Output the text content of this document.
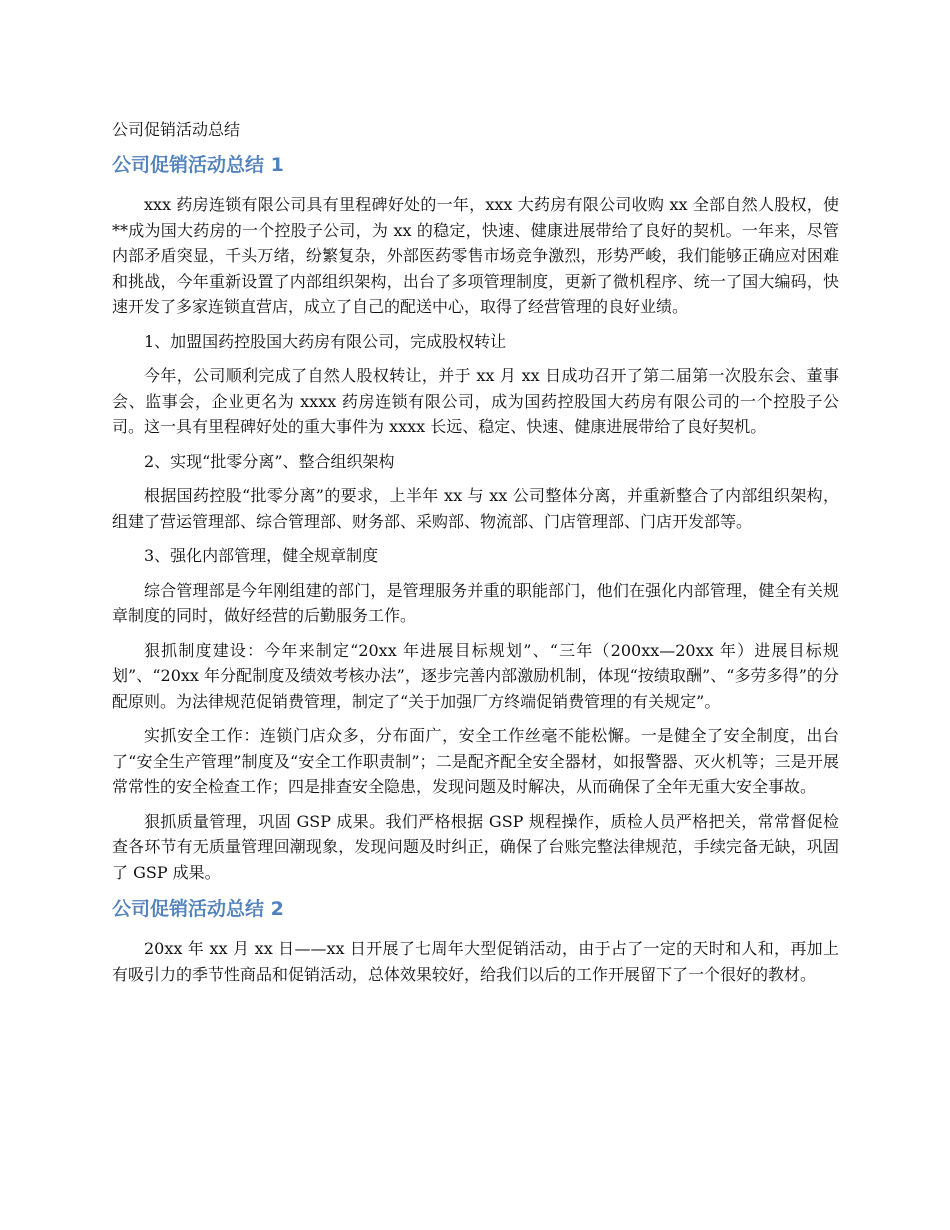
公司促销活动总结
公司促销活动总结 1

xxx 药房连锁有限公司具有里程碑好处的一年，xxx 大药房有限公司收购 xx 全部自然人股权，使**成为国大药房的一个控股子公司，为 xx 的稳定，快速、健康进展带给了良好的契机。一年来，尽管内部矛盾突显，千头万绪，纷繁复杂，外部医药零售市场竞争激烈，形势严峻，我们能够正确应对困难和挑战，今年重新设置了内部组织架构，出台了多项管理制度，更新了微机程序、统一了国大编码，快速开发了多家连锁直营店，成立了自己的配送中心，取得了经营管理的良好业绩。

1、加盟国药控股国大药房有限公司，完成股权转让

今年，公司顺利完成了自然人股权转让，并于 xx 月 xx 日成功召开了第二届第一次股东会、董事会、监事会，企业更名为 xxxx 药房连锁有限公司，成为国药控股国大药房有限公司的一个控股子公司。这一具有里程碑好处的重大事件为 xxxx 长远、稳定、快速、健康进展带给了良好契机。

2、实现“批零分离”、整合组织架构

根据国药控股“批零分离”的要求，上半年 xx 与 xx 公司整体分离，并重新整合了内部组织架构，组建了营运管理部、综合管理部、财务部、采购部、物流部、门店管理部、门店开发部等。

3、强化内部管理，健全规章制度

综合管理部是今年刚组建的部门，是管理服务并重的职能部门，他们在强化内部管理，健全有关规章制度的同时，做好经营的后勤服务工作。

狠抓制度建设：今年来制定“20xx 年进展目标规划”、“三年（200xx—20xx 年）进展目标规划”、“20xx 年分配制度及绩效考核办法”，逐步完善内部激励机制，体现“按绩取酬”、“多劳多得”的分配原则。为法律规范促销费管理，制定了“关于加强厂方终端促销费管理的有关规定”。

实抓安全工作：连锁门店众多，分布面广，安全工作丝毫不能松懈。一是健全了安全制度，出台了“安全生产管理”制度及“安全工作职责制”；二是配齐配全安全器材，如报警器、灭火机等；三是开展常常性的安全检查工作；四是排查安全隐患，发现问题及时解决，从而确保了全年无重大安全事故。

狠抓质量管理，巩固 GSP 成果。我们严格根据 GSP 规程操作，质检人员严格把关，常常督促检查各环节有无质量管理回潮现象，发现问题及时纠正，确保了台账完整法律规范，手续完备无缺，巩固了 GSP 成果。

公司促销活动总结 2

20xx 年 xx 月 xx 日——xx 日开展了七周年大型促销活动，由于占了一定的天时和人和，再加上有吸引力的季节性商品和促销活动，总体效果较好，给我们以后的工作开展留下了一个很好的教材。
